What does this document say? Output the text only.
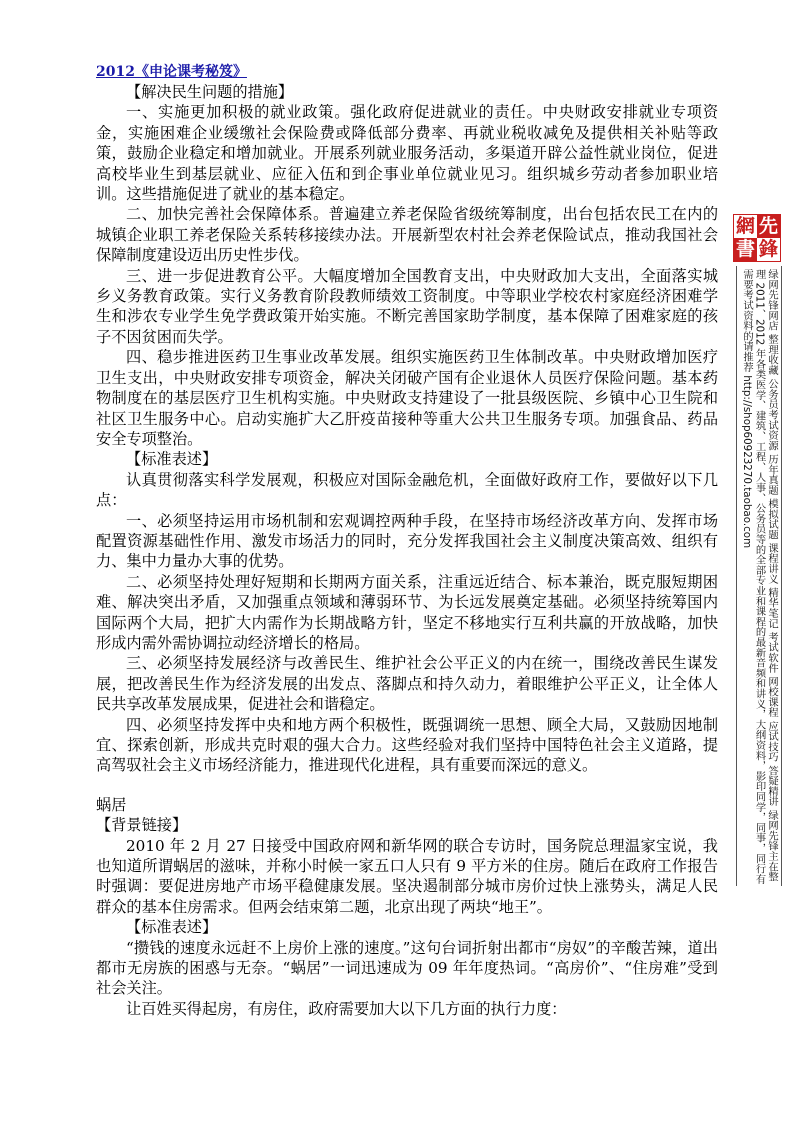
2012《申论课考秘笈》

【解决民生问题的措施】

一、实施更加积极的就业政策。强化政府促进就业的责任。中央财政安排就业专项资金，实施困难企业缓缴社会保险费或降低部分费率、再就业税收减免及提供相关补贴等政策，鼓励企业稳定和增加就业。开展系列就业服务活动，多渠道开辟公益性就业岗位，促进高校毕业生到基层就业、应征入伍和到企事业单位就业见习。组织城乡劳动者参加职业培训。这些措施促进了就业的基本稳定。

二、加快完善社会保障体系。普遍建立养老保险省级统筹制度，出台包括农民工在内的城镇企业职工养老保险关系转移接续办法。开展新型农村社会养老保险试点，推动我国社会保障制度建设迈出历史性步伐。

三、进一步促进教育公平。大幅度增加全国教育支出，中央财政加大支出，全面落实城乡义务教育政策。实行义务教育阶段教师绩效工资制度。中等职业学校农村家庭经济困难学生和涉农专业学生免学费政策开始实施。不断完善国家助学制度，基本保障了困难家庭的孩子不因贫困而失学。

四、稳步推进医药卫生事业改革发展。组织实施医药卫生体制改革。中央财政增加医疗卫生支出，中央财政安排专项资金，解决关闭破产国有企业退休人员医疗保险问题。基本药物制度在的基层医疗卫生机构实施。中央财政支持建设了一批县级医院、乡镇中心卫生院和社区卫生服务中心。启动实施扩大乙肝疫苗接种等重大公共卫生服务专项。加强食品、药品安全专项整治。

【标准表述】

认真贯彻落实科学发展观，积极应对国际金融危机，全面做好政府工作，要做好以下几点：

一、必须坚持运用市场机制和宏观调控两种手段，在坚持市场经济改革方向、发挥市场配置资源基础性作用、激发市场活力的同时，充分发挥我国社会主义制度决策高效、组织有力、集中力量办大事的优势。

二、必须坚持处理好短期和长期两方面关系，注重远近结合、标本兼治，既克服短期困难、解决突出矛盾，又加强重点领域和薄弱环节、为长远发展奠定基础。必须坚持统筹国内国际两个大局，把扩大内需作为长期战略方针，坚定不移地实行互利共赢的开放战略，加快形成内需外需协调拉动经济增长的格局。

三、必须坚持发展经济与改善民生、维护社会公平正义的内在统一，围绕改善民生谋发展，把改善民生作为经济发展的出发点、落脚点和持久动力，着眼维护公平正义，让全体人民共享改革发展成果，促进社会和谐稳定。

四、必须坚持发挥中央和地方两个积极性，既强调统一思想、顾全大局，又鼓励因地制宜、探索创新，形成共克时艰的强大合力。这些经验对我们坚持中国特色社会主义道路，提高驾驭社会主义市场经济能力，推进现代化进程，具有重要而深远的意义。

蜗居

【背景链接】

2010 年 2 月 27 日接受中国政府网和新华网的联合专访时，国务院总理温家宝说，我也知道所谓蜗居的滋味，并称小时候一家五口人只有 9 平方米的住房。随后在政府工作报告时强调：要促进房地产市场平稳健康发展。坚决遏制部分城市房价过快上涨势头，满足人民群众的基本住房需求。但两会结束第二题，北京出现了两块“地王”。

【标准表述】

“攒钱的速度永远赶不上房价上涨的速度。”这句台词折射出都市“房奴”的辛酸苦辣，道出都市无房族的困惑与无奈。“蜗居”一词迅速成为 09 年年度热词。“高房价”、“住房难”受到社会关注。

让百姓买得起房，有房住，政府需要加大以下几方面的执行力度：

網 先
書 鋒
绿网先锋网店 整理收藏 公务员考试资源 历年真题 模拟试题 课程讲义 精华笔记 考试软件 网校课程 应试技巧 答疑精讲 绿网先锋主在整理 2011、2012 年各类医学、建筑、工程、人事、公务员等的全部专业和课程的最新音频和讲义，大纲资料，影印同学，同事，同行有需要考试资料的请推荐 http://shop60923270.taobao.com
